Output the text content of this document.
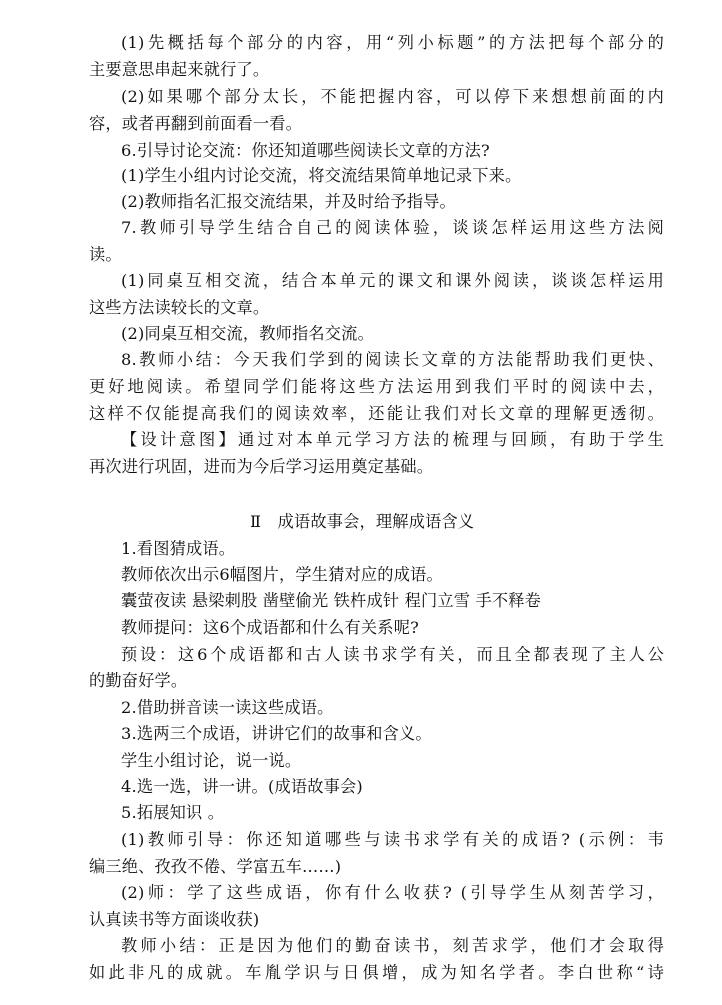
(1)先概括每个部分的内容，用“列小标题”的方法把每个部分的
主要意思串起来就行了。
(2)如果哪个部分太长，不能把握内容，可以停下来想想前面的内
容，或者再翻到前面看一看。
6.引导讨论交流：你还知道哪些阅读长文章的方法?
(1)学生小组内讨论交流，将交流结果简单地记录下来。
(2)教师指名汇报交流结果，并及时给予指导。
7.教师引导学生结合自己的阅读体验，谈谈怎样运用这些方法阅
读。
(1)同桌互相交流，结合本单元的课文和课外阅读，谈谈怎样运用
这些方法读较长的文章。
(2)同桌互相交流，教师指名交流。
8.教师小结：今天我们学到的阅读长文章的方法能帮助我们更快、
更好地阅读。希望同学们能将这些方法运用到我们平时的阅读中去，
这样不仅能提高我们的阅读效率，还能让我们对长文章的理解更透彻。
【设计意图】通过对本单元学习方法的梳理与回顾，有助于学生
再次进行巩固，进而为今后学习运用奠定基础。
Ⅱ　成语故事会，理解成语含义
1.看图猜成语。
教师依次出示6幅图片，学生猜对应的成语。
囊萤夜读 悬梁刺股 凿壁偷光 铁杵成针 程门立雪 手不释卷
教师提问：这6个成语都和什么有关系呢?
预设：这6个成语都和古人读书求学有关，而且全都表现了主人公
的勤奋好学。
2.借助拼音读一读这些成语。
3.选两三个成语，讲讲它们的故事和含义。
学生小组讨论，说一说。
4.选一选，讲一讲。(成语故事会)
5.拓展知识 。
(1)教师引导：你还知道哪些与读书求学有关的成语? (示例：韦
编三绝、孜孜不倦、学富五车……)
(2)师：学了这些成语，你有什么收获? (引导学生从刻苦学习，
认真读书等方面谈收获)
教师小结：正是因为他们的勤奋读书，刻苦求学，他们才会取得
如此非凡的成就。车胤学识与日俱增，成为知名学者。李白世称“诗
